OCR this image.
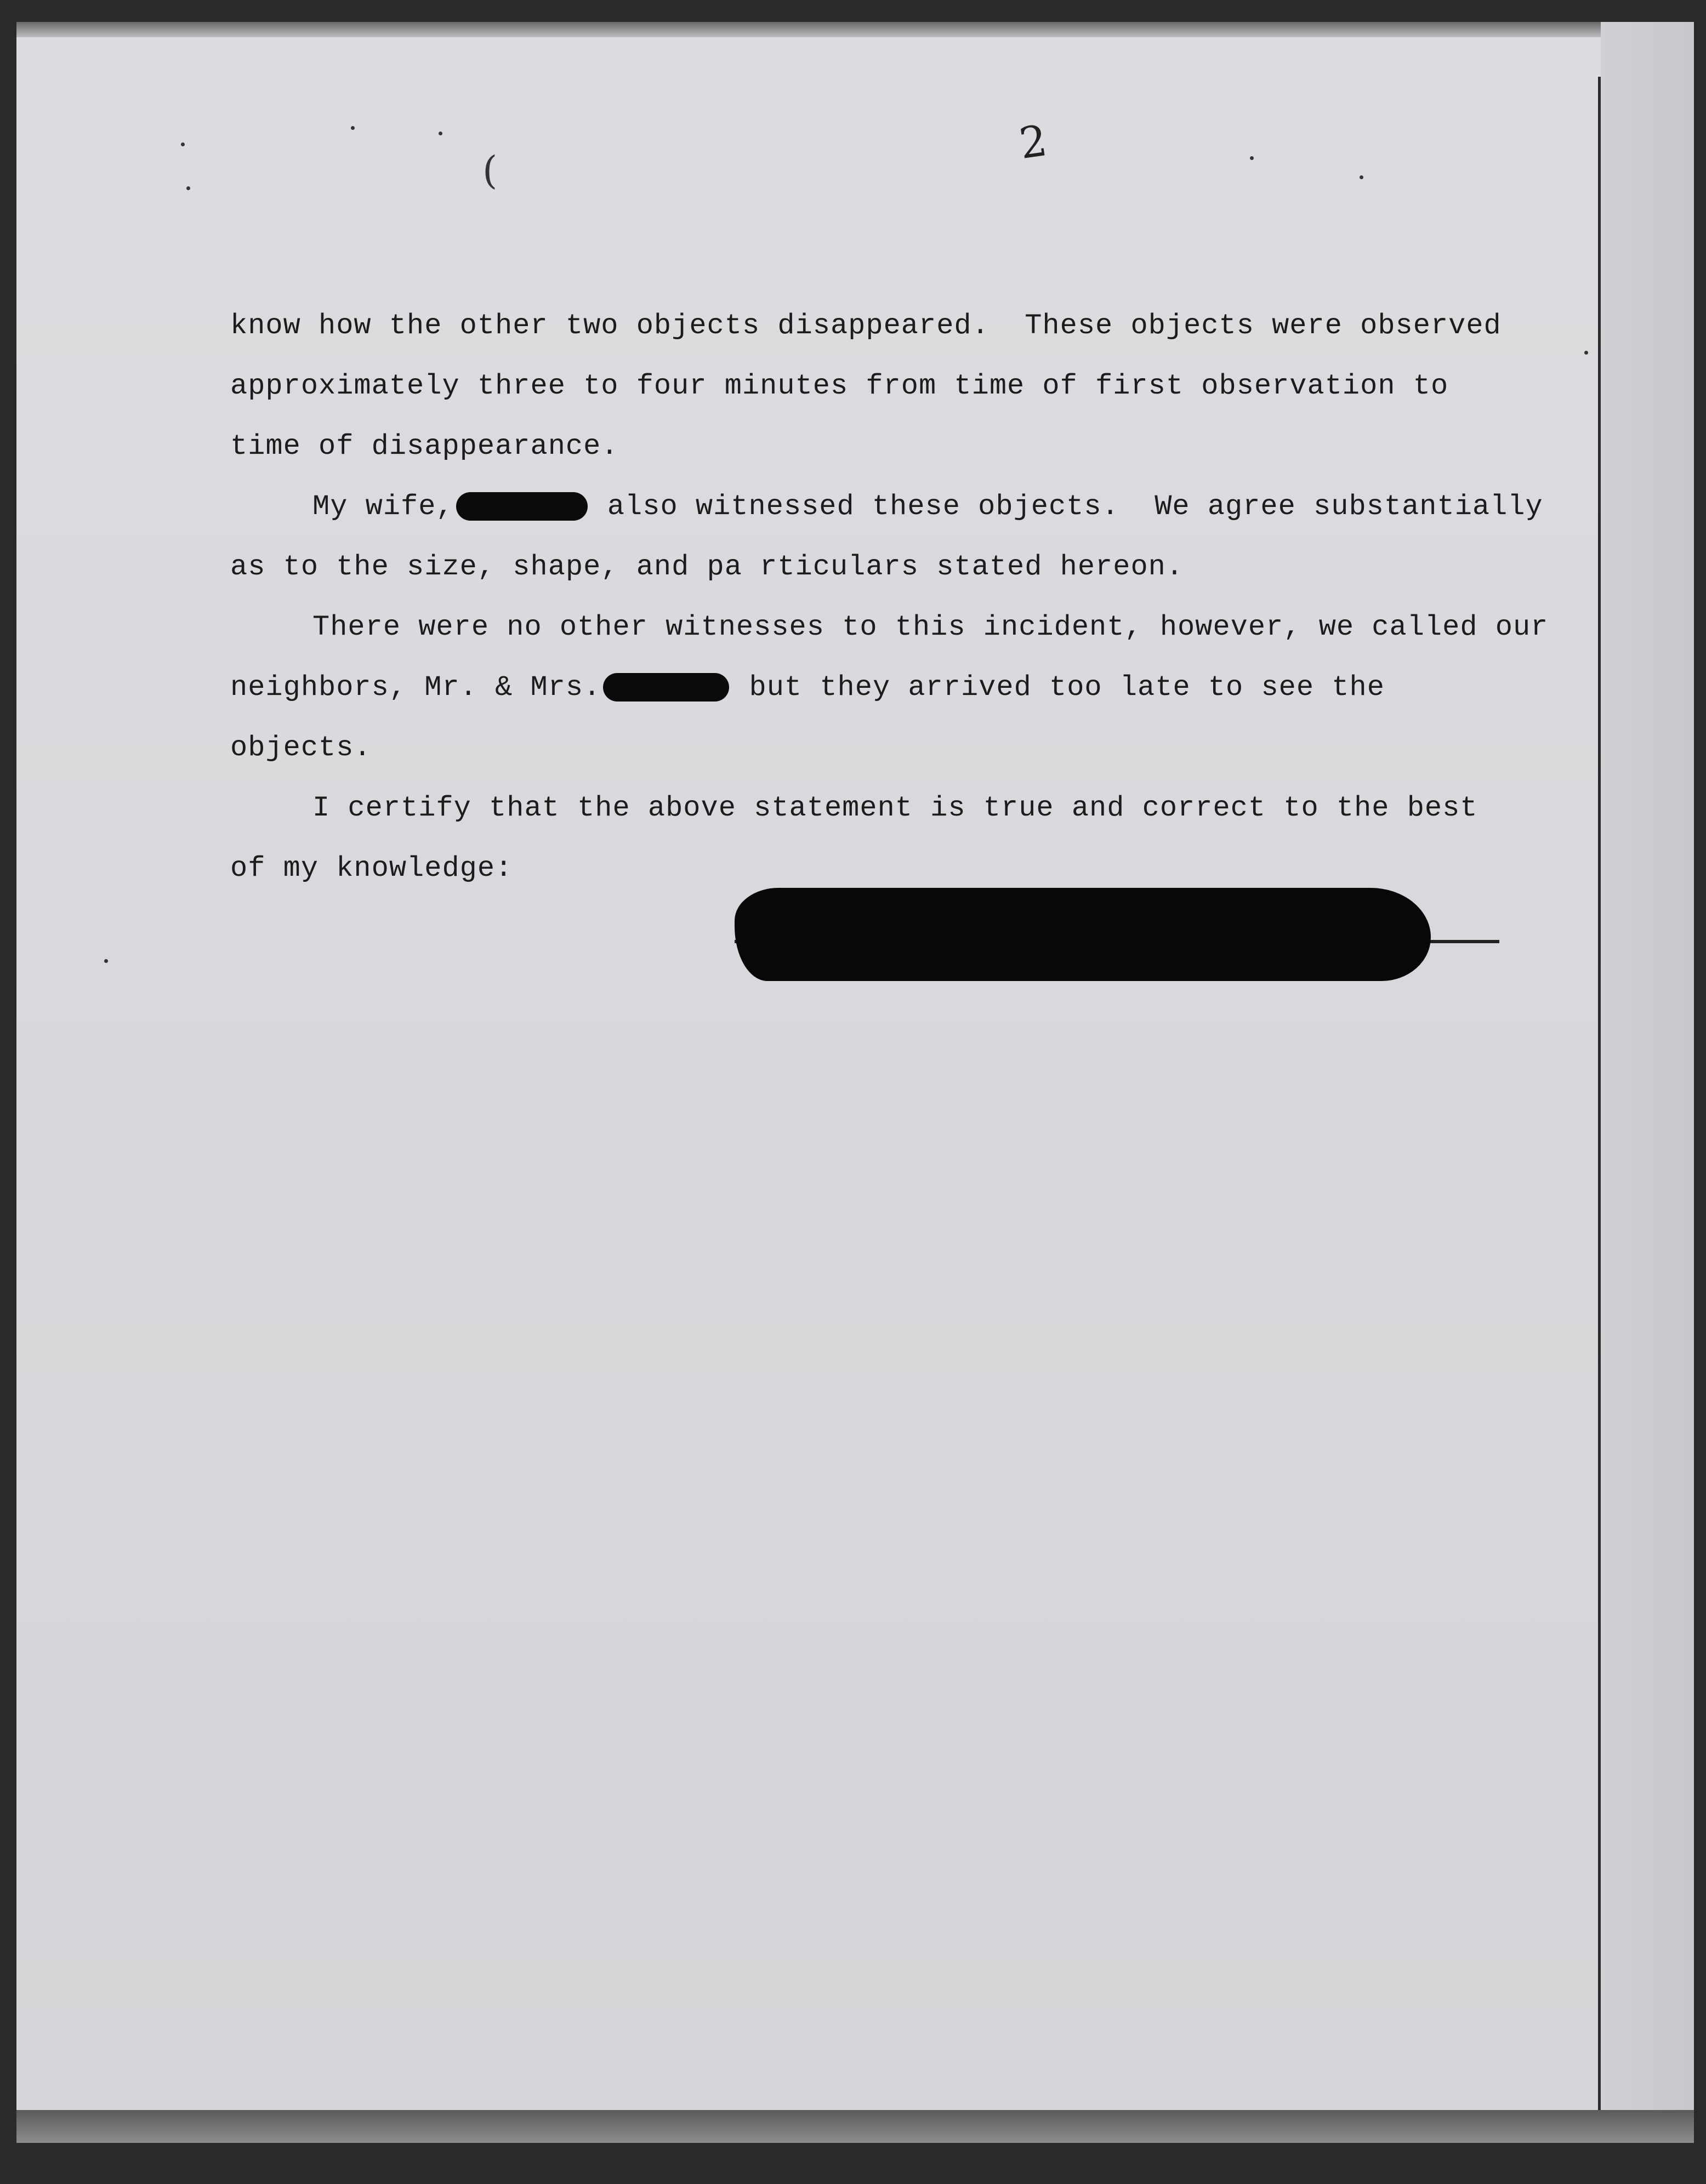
2
(
know how the other two objects disappeared.  These objects were observed
approximately three to four minutes from time of first observation to
time of disappearance.
My wife,	also witnessed these objects.  We agree substantially
as to the size, shape, and pa rticulars stated hereon.
There were no other witnesses to this incident, however, we called our
neighbors, Mr. & Mrs.	but they arrived too late to see the
objects.
I certify that the above statement is true and correct to the best
of my knowledge:
